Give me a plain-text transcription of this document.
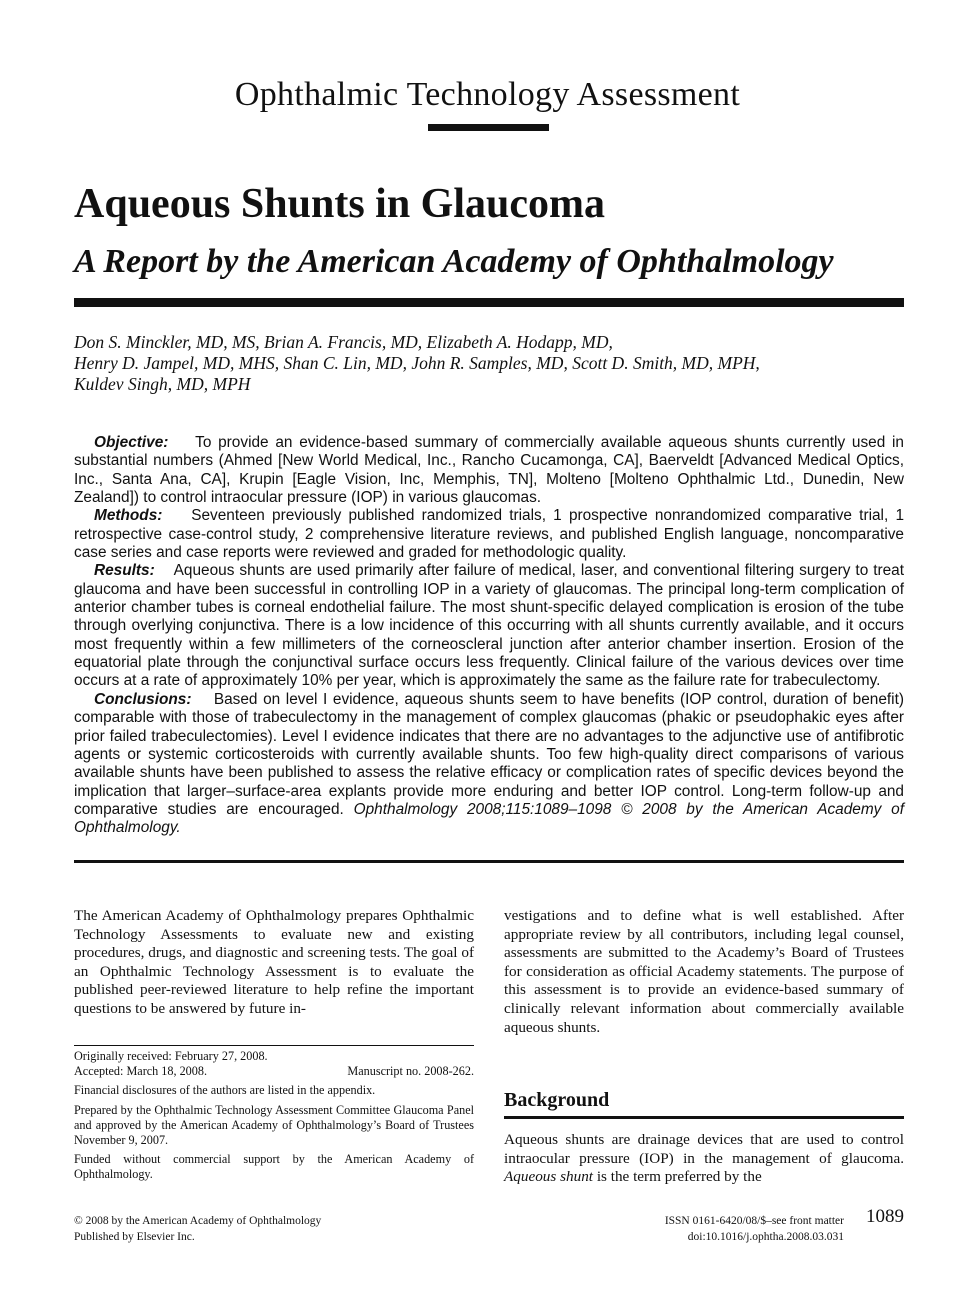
Ophthalmic Technology Assessment
Aqueous Shunts in Glaucoma
A Report by the American Academy of Ophthalmology
Don S. Minckler, MD, MS, Brian A. Francis, MD, Elizabeth A. Hodapp, MD,
Henry D. Jampel, MD, MHS, Shan C. Lin, MD, John R. Samples, MD, Scott D. Smith, MD, MPH,
Kuldev Singh, MD, MPH

Objective: To provide an evidence-based summary of commercially available aqueous shunts currently used in substantial numbers (Ahmed [New World Medical, Inc., Rancho Cucamonga, CA], Baerveldt [Advanced Medical Optics, Inc., Santa Ana, CA], Krupin [Eagle Vision, Inc, Memphis, TN], Molteno [Molteno Ophthalmic Ltd., Dunedin, New Zealand]) to control intraocular pressure (IOP) in various glaucomas.

Methods: Seventeen previously published randomized trials, 1 prospective nonrandomized comparative trial, 1 retrospective case-control study, 2 comprehensive literature reviews, and published English language, noncomparative case series and case reports were reviewed and graded for methodologic quality.

Results: Aqueous shunts are used primarily after failure of medical, laser, and conventional filtering surgery to treat glaucoma and have been successful in controlling IOP in a variety of glaucomas. The principal long-term complication of anterior chamber tubes is corneal endothelial failure. The most shunt-specific delayed complication is erosion of the tube through overlying conjunctiva. There is a low incidence of this occurring with all shunts currently available, and it occurs most frequently within a few millimeters of the corneoscleral junction after anterior chamber insertion. Erosion of the equatorial plate through the conjunctival surface occurs less frequently. Clinical failure of the various devices over time occurs at a rate of approximately 10% per year, which is approximately the same as the failure rate for trabeculectomy.

Conclusions: Based on level I evidence, aqueous shunts seem to have benefits (IOP control, duration of benefit) comparable with those of trabeculectomy in the management of complex glaucomas (phakic or pseudophakic eyes after prior failed trabeculectomies). Level I evidence indicates that there are no advantages to the adjunctive use of antifibrotic agents or systemic corticosteroids with currently available shunts. Too few high-quality direct comparisons of various available shunts have been published to assess the relative efficacy or complication rates of specific devices beyond the implication that larger–surface-area explants provide more enduring and better IOP control. Long-term follow-up and comparative studies are encouraged. Ophthalmology 2008;115:1089–1098 © 2008 by the American Academy of Ophthalmology.

The American Academy of Ophthalmology prepares Ophthalmic Technology Assessments to evaluate new and existing procedures, drugs, and diagnostic and screening tests. The goal of an Ophthalmic Technology Assessment is to evaluate the published peer-reviewed literature to help refine the important questions to be answered by future in-

vestigations and to define what is well established. After appropriate review by all contributors, including legal counsel, assessments are submitted to the Academy’s Board of Trustees for consideration as official Academy statements. The purpose of this assessment is to provide an evidence-based summary of clinically relevant information about commercially available aqueous shunts.

Originally received: February 27, 2008.
Accepted: March 18, 2008.	Manuscript no. 2008-262.

Financial disclosures of the authors are listed in the appendix.

Prepared by the Ophthalmic Technology Assessment Committee Glaucoma Panel and approved by the American Academy of Ophthalmology’s Board of Trustees November 9, 2007.

Funded without commercial support by the American Academy of Ophthalmology.

Background

Aqueous shunts are drainage devices that are used to control intraocular pressure (IOP) in the management of glaucoma. Aqueous shunt is the term preferred by the

© 2008 by the American Academy of Ophthalmology
Published by Elsevier Inc.
ISSN 0161-6420/08/$–see front matter
doi:10.1016/j.ophtha.2008.03.031
1089
